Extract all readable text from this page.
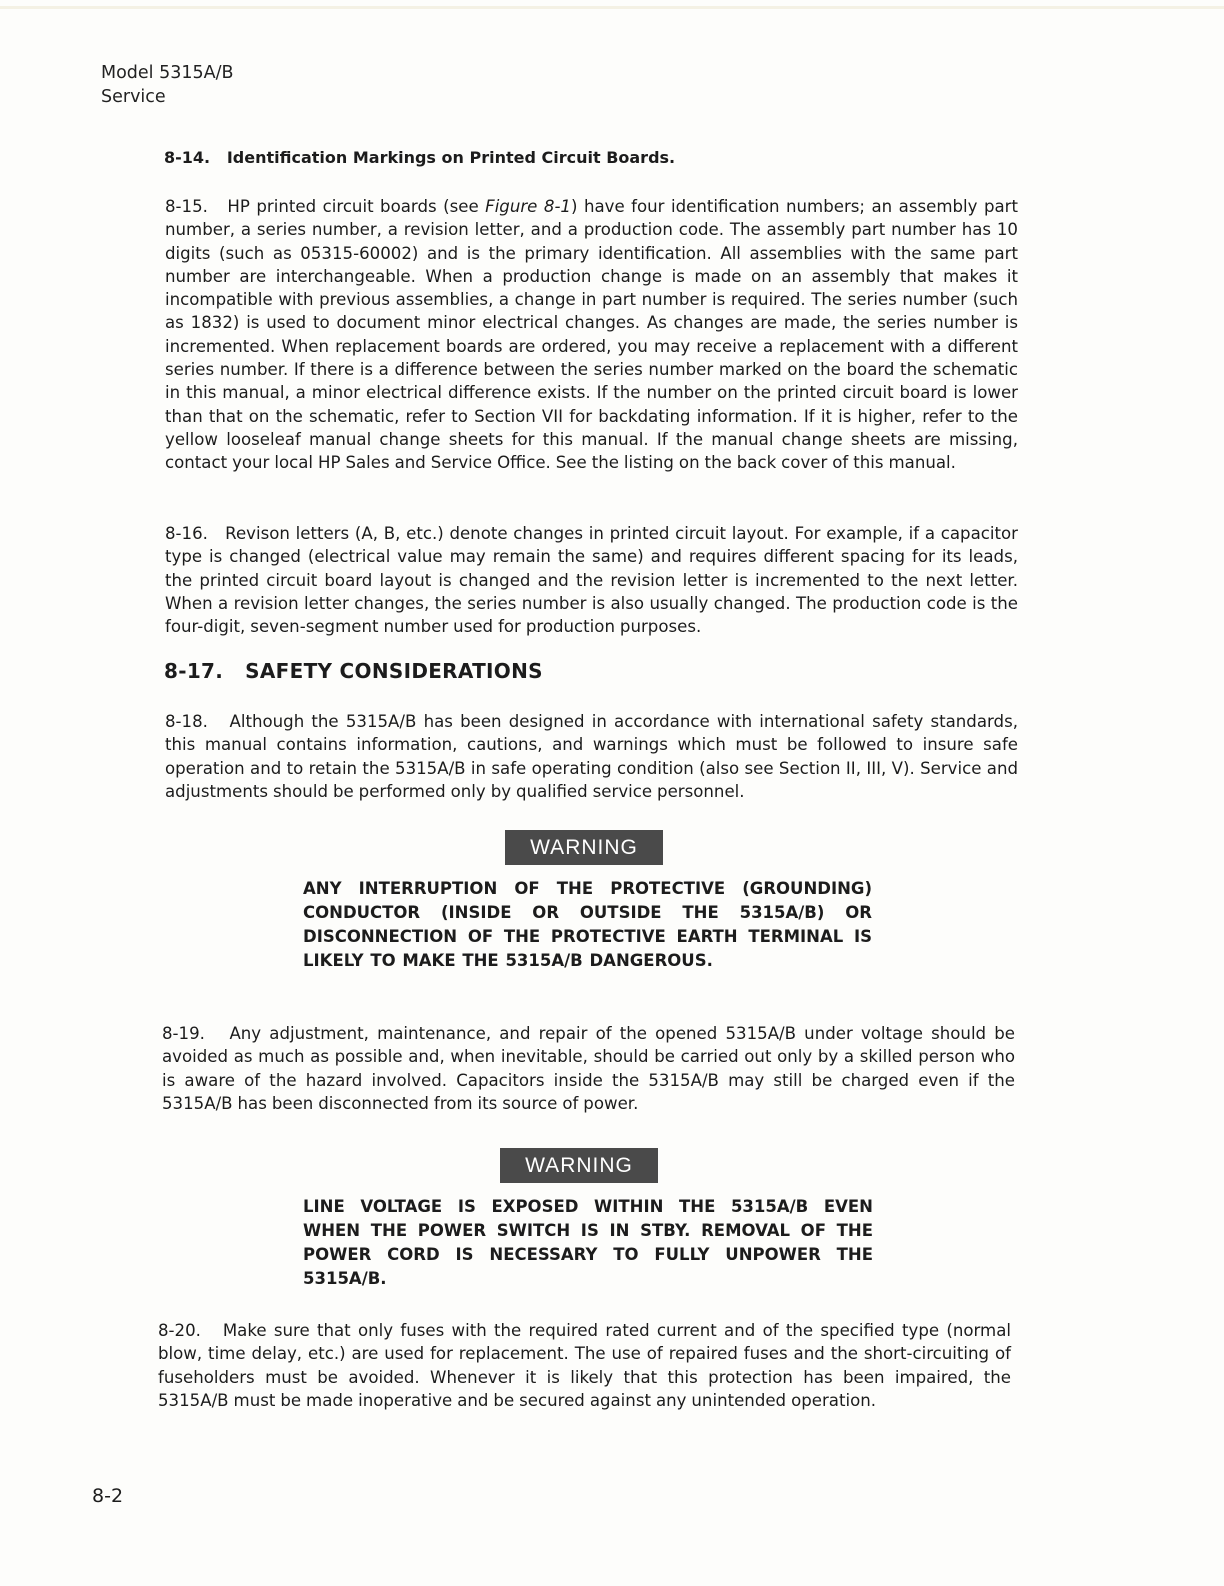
Model 5315A/B
Service
8-14. Identification Markings on Printed Circuit Boards.

8-15. HP printed circuit boards (see Figure 8-1) have four identification numbers; an assembly part number, a series number, a revision letter, and a production code. The assembly part number has 10 digits (such as 05315-60002) and is the primary identification. All assemblies with the same part number are interchangeable. When a production change is made on an assembly that makes it incompatible with previous assemblies, a change in part number is required. The series number (such as 1832) is used to document minor electrical changes. As changes are made, the series number is incremented. When replacement boards are ordered, you may receive a replacement with a different series number. If there is a difference between the series number marked on the board the schematic in this manual, a minor electrical difference exists. If the number on the printed circuit board is lower than that on the schematic, refer to Section VII for backdating information. If it is higher, refer to the yellow looseleaf manual change sheets for this manual. If the manual change sheets are missing, contact your local HP Sales and Service Office. See the listing on the back cover of this manual.

8-16. Revison letters (A, B, etc.) denote changes in printed circuit layout. For example, if a capacitor type is changed (electrical value may remain the same) and requires different spacing for its leads, the printed circuit board layout is changed and the revision letter is incremented to the next letter. When a revision letter changes, the series number is also usually changed. The production code is the four-digit, seven-segment number used for production purposes.

8-17. SAFETY CONSIDERATIONS

8-18. Although the 5315A/B has been designed in accordance with international safety standards, this manual contains information, cautions, and warnings which must be followed to insure safe operation and to retain the 5315A/B in safe operating condition (also see Section II, III, V). Service and adjustments should be performed only by qualified service personnel.

WARNING

ANY INTERRUPTION OF THE PROTECTIVE (GROUNDING) CONDUCTOR (INSIDE OR OUTSIDE THE 5315A/B) OR DISCONNECTION OF THE PROTECTIVE EARTH TERMINAL IS LIKELY TO MAKE THE 5315A/B DANGEROUS.

8-19. Any adjustment, maintenance, and repair of the opened 5315A/B under voltage should be avoided as much as possible and, when inevitable, should be carried out only by a skilled person who is aware of the hazard involved. Capacitors inside the 5315A/B may still be charged even if the 5315A/B has been disconnected from its source of power.

WARNING

LINE VOLTAGE IS EXPOSED WITHIN THE 5315A/B EVEN WHEN THE POWER SWITCH IS IN STBY. REMOVAL OF THE POWER CORD IS NECESSARY TO FULLY UNPOWER THE 5315A/B.

8-20. Make sure that only fuses with the required rated current and of the specified type (normal blow, time delay, etc.) are used for replacement. The use of repaired fuses and the short-circuiting of fuseholders must be avoided. Whenever it is likely that this protection has been impaired, the 5315A/B must be made inoperative and be secured against any unintended operation.

8-2
